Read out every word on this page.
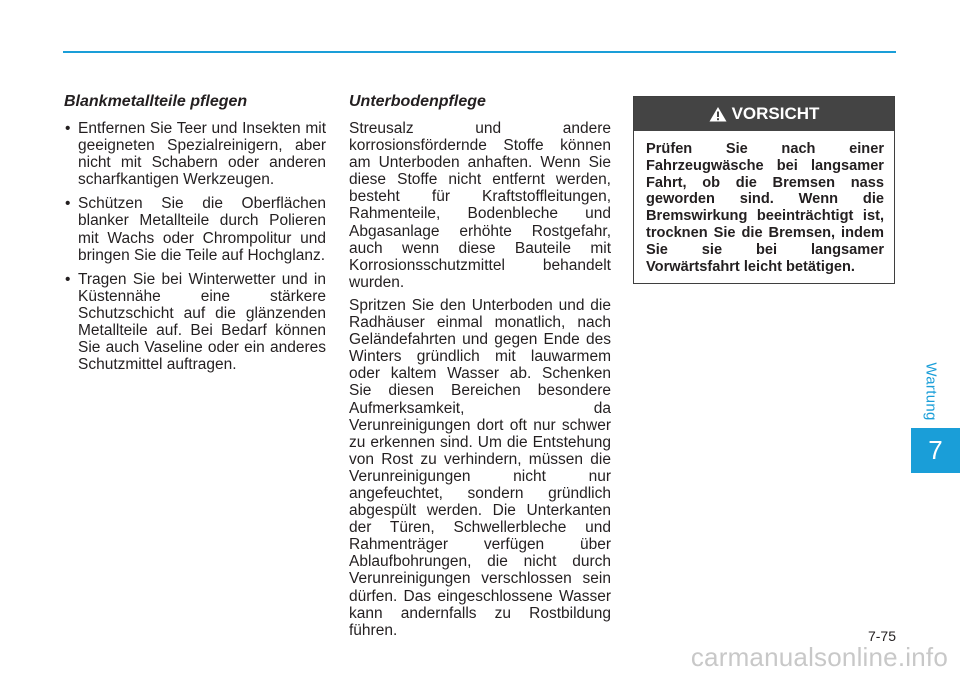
Blankmetallteile pflegen
• Entfernen Sie Teer und Insekten mit geeigneten Spezialreinigern, aber nicht mit Schabern oder anderen scharfkantigen Werkzeugen.
• Schützen Sie die Oberflächen blanker Metallteile durch Polieren mit Wachs oder Chrompolitur und bringen Sie die Teile auf Hochglanz.
• Tragen Sie bei Winterwetter und in Küstennähe eine stärkere Schutzschicht auf die glänzenden Metallteile auf. Bei Bedarf können Sie auch Vaseline oder ein anderes Schutzmittel auftragen.
Unterbodenpflege

Streusalz und andere korrosionsfördernde Stoffe können am Unterboden anhaften. Wenn Sie diese Stoffe nicht entfernt werden, besteht für Kraftstoffleitungen, Rahmenteile, Bodenbleche und Abgasanlage erhöhte Rostgefahr, auch wenn diese Bauteile mit Korrosionsschutzmittel behandelt wurden.

Spritzen Sie den Unterboden und die Radhäuser einmal monatlich, nach Geländefahrten und gegen Ende des Winters gründlich mit lauwarmem oder kaltem Wasser ab. Schenken Sie diesen Bereichen besondere Aufmerksamkeit, da Verunreinigungen dort oft nur schwer zu erkennen sind. Um die Entstehung von Rost zu verhindern, müssen die Verunreinigungen nicht nur angefeuchtet, sondern gründlich abgespült werden. Die Unterkanten der Türen, Schwellerbleche und Rahmenträger verfügen über Ablaufbohrungen, die nicht durch Verunreinigungen verschlossen sein dürfen. Das eingeschlossene Wasser kann andernfalls zu Rostbildung führen.

VORSICHT
Prüfen Sie nach einer Fahrzeugwäsche bei langsamer Fahrt, ob die Bremsen nass geworden sind. Wenn die Bremswirkung beeinträchtigt ist, trocknen Sie die Bremsen, indem Sie sie bei langsamer Vorwärtsfahrt leicht betätigen.
Wartung
7
7-75
carmanualsonline.info
